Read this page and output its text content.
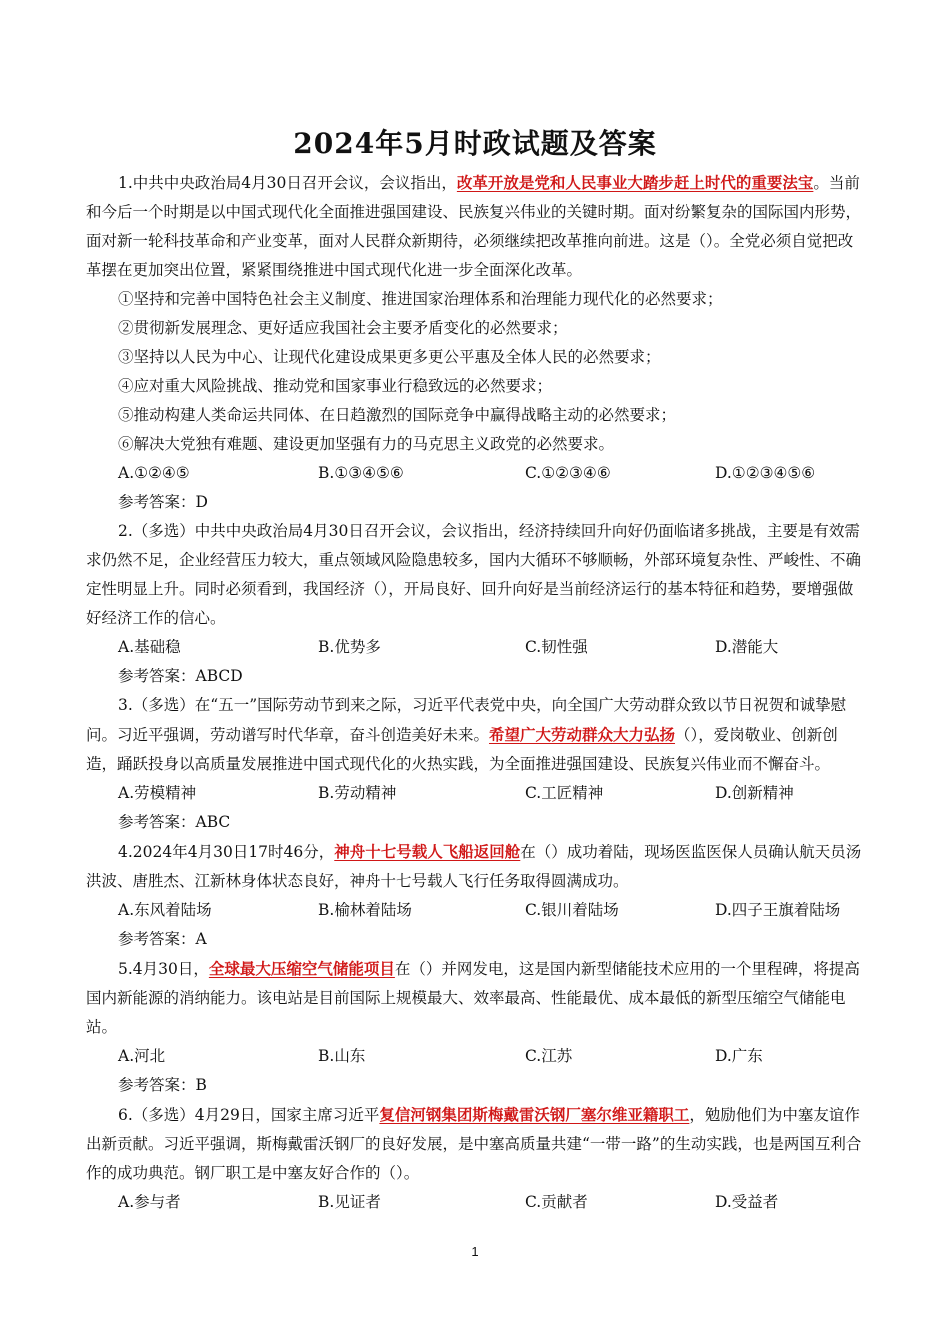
2024年5月时政试题及答案

1.中共中央政治局4月30日召开会议，会议指出，改革开放是党和人民事业大踏步赶上时代的重要法宝。当前和今后一个时期是以中国式现代化全面推进强国建设、民族复兴伟业的关键时期。面对纷繁复杂的国际国内形势，面对新一轮科技革命和产业变革，面对人民群众新期待，必须继续把改革推向前进。这是（）。全党必须自觉把改革摆在更加突出位置，紧紧围绕推进中国式现代化进一步全面深化改革。

①坚持和完善中国特色社会主义制度、推进国家治理体系和治理能力现代化的必然要求；

②贯彻新发展理念、更好适应我国社会主要矛盾变化的必然要求；

③坚持以人民为中心、让现代化建设成果更多更公平惠及全体人民的必然要求；

④应对重大风险挑战、推动党和国家事业行稳致远的必然要求；

⑤推动构建人类命运共同体、在日趋激烈的国际竞争中赢得战略主动的必然要求；

⑥解决大党独有难题、建设更加坚强有力的马克思主义政党的必然要求。

A.①②④⑤	B.①③④⑤⑥	C.①②③④⑥	D.①②③④⑤⑥

参考答案：D

2.（多选）中共中央政治局4月30日召开会议，会议指出，经济持续回升向好仍面临诸多挑战，主要是有效需求仍然不足，企业经营压力较大，重点领域风险隐患较多，国内大循环不够顺畅，外部环境复杂性、严峻性、不确定性明显上升。同时必须看到，我国经济（），开局良好、回升向好是当前经济运行的基本特征和趋势，要增强做好经济工作的信心。

A.基础稳	B.优势多	C.韧性强	D.潜能大

参考答案：ABCD

3.（多选）在“五一”国际劳动节到来之际，习近平代表党中央，向全国广大劳动群众致以节日祝贺和诚挚慰问。习近平强调，劳动谱写时代华章，奋斗创造美好未来。希望广大劳动群众大力弘扬（），爱岗敬业、创新创造，踊跃投身以高质量发展推进中国式现代化的火热实践，为全面推进强国建设、民族复兴伟业而不懈奋斗。

A.劳模精神	B.劳动精神	C.工匠精神	D.创新精神

参考答案：ABC

4.2024年4月30日17时46分，神舟十七号载人飞船返回舱在（）成功着陆，现场医监医保人员确认航天员汤洪波、唐胜杰、江新林身体状态良好，神舟十七号载人飞行任务取得圆满成功。

A.东风着陆场	B.榆林着陆场	C.银川着陆场	D.四子王旗着陆场

参考答案：A

5.4月30日，全球最大压缩空气储能项目在（）并网发电，这是国内新型储能技术应用的一个里程碑，将提高国内新能源的消纳能力。该电站是目前国际上规模最大、效率最高、性能最优、成本最低的新型压缩空气储能电站。

A.河北	B.山东	C.江苏	D.广东

参考答案：B

6.（多选）4月29日，国家主席习近平复信河钢集团斯梅戴雷沃钢厂塞尔维亚籍职工，勉励他们为中塞友谊作出新贡献。习近平强调，斯梅戴雷沃钢厂的良好发展，是中塞高质量共建“一带一路”的生动实践，也是两国互利合作的成功典范。钢厂职工是中塞友好合作的（）。

A.参与者	B.见证者	C.贡献者	D.受益者
1
